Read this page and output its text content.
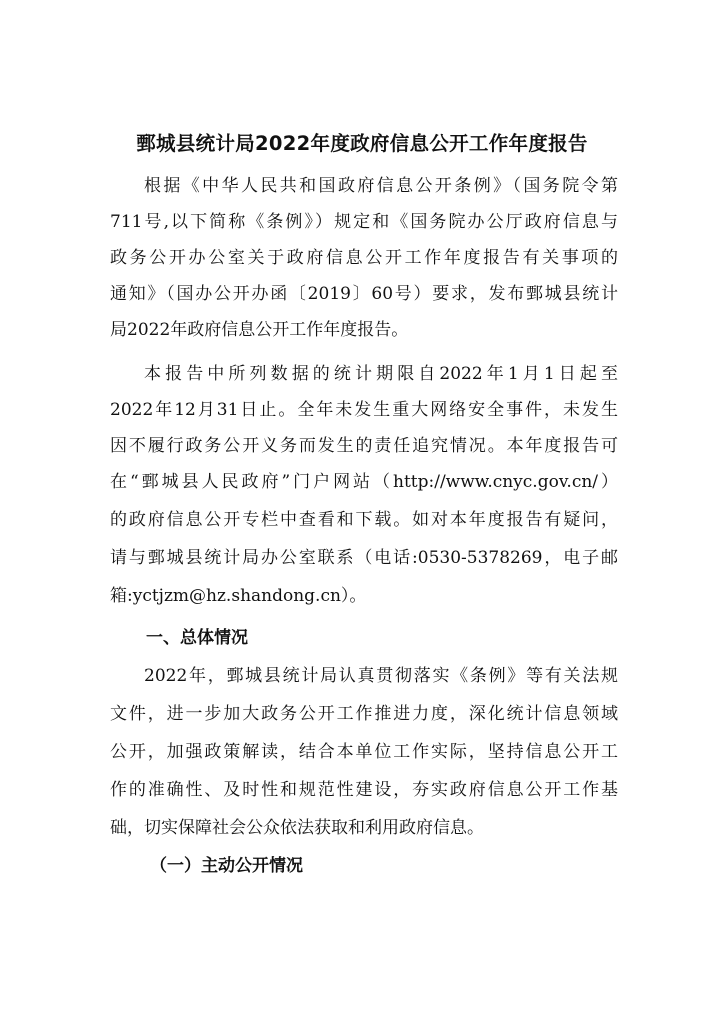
鄄城县统计局2022年度政府信息公开工作年度报告
根据《中华人民共和国政府信息公开条例》（国务院令第
711号,以下简称《条例》）规定和《国务院办公厅政府信息与
政务公开办公室关于政府信息公开工作年度报告有关事项的
通知》（国办公开办函〔2019〕60号）要求，发布鄄城县统计
局2022年政府信息公开工作年度报告。
本报告中所列数据的统计期限自2022年1月1日起至
2022年12月31日止。全年未发生重大网络安全事件，未发生
因不履行政务公开义务而发生的责任追究情况。本年度报告可
在“鄄城县人民政府”门户网站（http://www.cnyc.gov.cn/）
的政府信息公开专栏中查看和下载。如对本年度报告有疑问，
请与鄄城县统计局办公室联系（电话:0530-5378269，电子邮
箱:yctjzm@hz.shandong.cn）。
一、总体情况
2022年，鄄城县统计局认真贯彻落实《条例》等有关法规
文件，进一步加大政务公开工作推进力度，深化统计信息领域
公开，加强政策解读，结合本单位工作实际，坚持信息公开工
作的准确性、及时性和规范性建设，夯实政府信息公开工作基
础，切实保障社会公众依法获取和利用政府信息。
（一）主动公开情况
